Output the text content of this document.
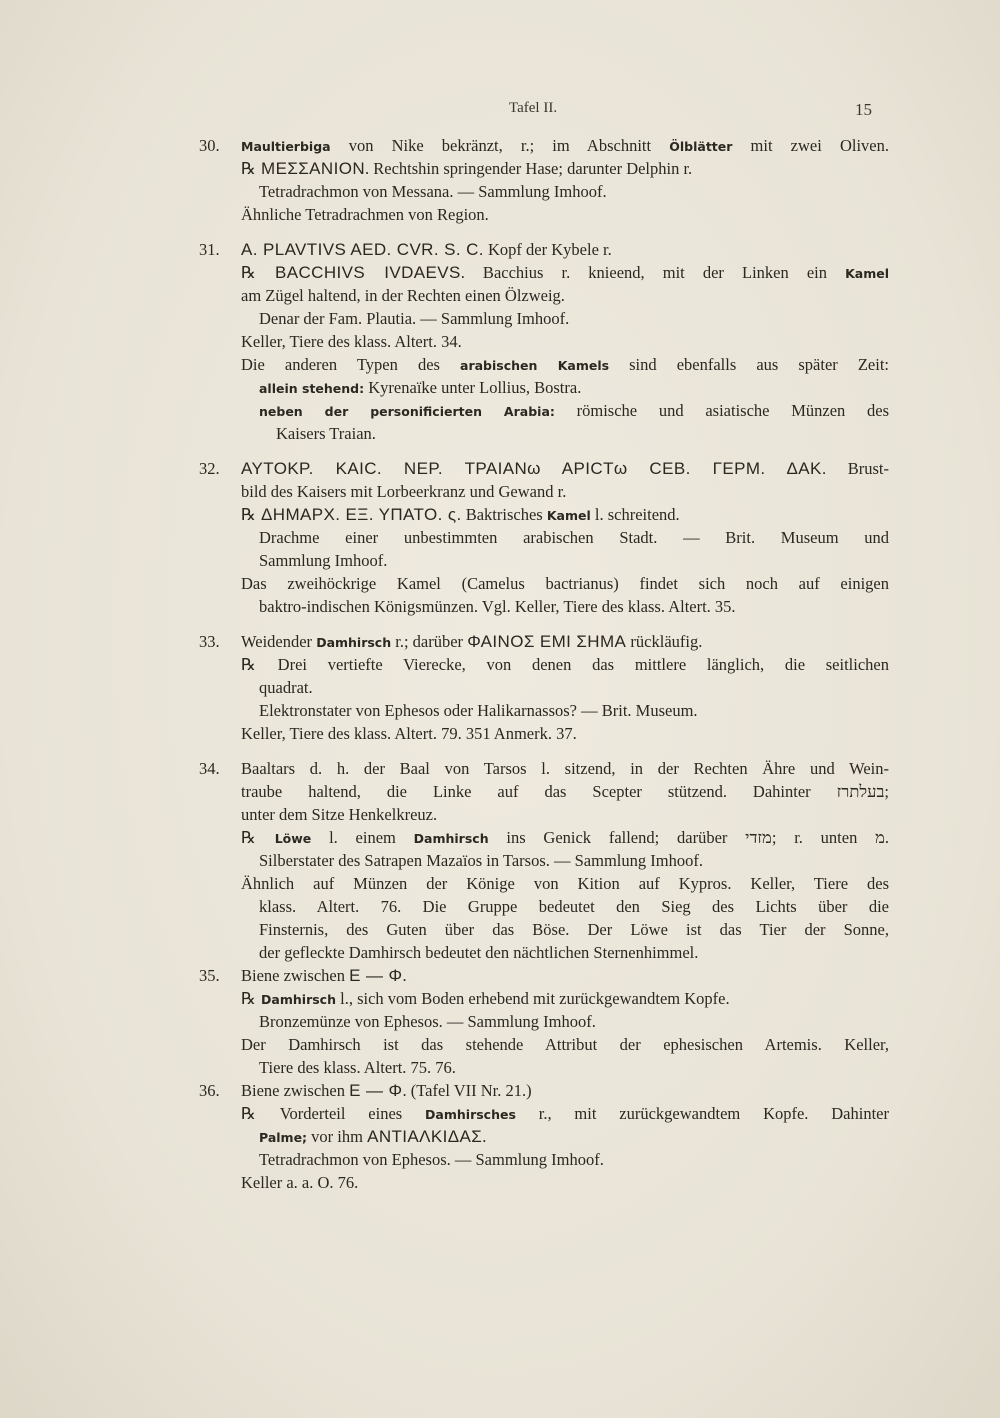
Tafel II.	15
30. Maultierbiga von Nike bekränzt, r.; im Abschnitt Ölblätter mit zwei Oliven.
℞ ΜΕΣΣΑΝΙΟΝ. Rechtshin springender Hase; darunter Delphin r.
Tetradrachmon von Messana. — Sammlung Imhoof.
Ähnliche Tetradrachmen von Region.
31. A. PLAVTIVS AED. CVR. S. C. Kopf der Kybele r.
℞ BACCHIVS IVDAEVS. Bacchius r. knieend, mit der Linken ein Kamel
am Zügel haltend, in der Rechten einen Ölzweig.
Denar der Fam. Plautia. — Sammlung Imhoof.
Keller, Tiere des klass. Altert. 34.
Die anderen Typen des arabischen Kamels sind ebenfalls aus später Zeit:
allein stehend: Kyrenaïke unter Lollius, Bostra.
neben der personificierten Arabia: römische und asiatische Münzen des
Kaisers Traian.
32. ΑΥΤΟΚΡ. ΚΑΙϹ. ΝΕΡ. ΤΡΑΙΑΝω ΑΡΙϹΤω ϹΕΒ. ΓΕΡΜ. ΔΑΚ. Brust-
bild des Kaisers mit Lorbeerkranz und Gewand r.
℞ ΔΗΜΑΡΧ. ΕΞ. ΥΠΑΤΟ. ς. Baktrisches Kamel l. schreitend.
Drachme einer unbestimmten arabischen Stadt. — Brit. Museum und
Sammlung Imhoof.
Das zweihöckrige Kamel (Camelus bactrianus) findet sich noch auf einigen
baktro-indischen Königsmünzen. Vgl. Keller, Tiere des klass. Altert. 35.
33. Weidender Damhirsch r.; darüber ΦΑΙΝΟΣ ΕΜΙ ΣΗΜΑ rückläufig.
℞ Drei vertiefte Vierecke, von denen das mittlere länglich, die seitlichen
quadrat.
Elektronstater von Ephesos oder Halikarnassos? — Brit. Museum.
Keller, Tiere des klass. Altert. 79. 351 Anmerk. 37.
34. Baaltars d. h. der Baal von Tarsos l. sitzend, in der Rechten Ähre und Wein-
traube haltend, die Linke auf das Scepter stützend. Dahinter בעלתרז;
unter dem Sitze Henkelkreuz.
℞ Löwe l. einem Damhirsch ins Genick fallend; darüber מזדי; r. unten מ.
Silberstater des Satrapen Mazaïos in Tarsos. — Sammlung Imhoof.
Ähnlich auf Münzen der Könige von Kition auf Kypros. Keller, Tiere des
klass. Altert. 76. Die Gruppe bedeutet den Sieg des Lichts über die
Finsternis, des Guten über das Böse. Der Löwe ist das Tier der Sonne,
der gefleckte Damhirsch bedeutet den nächtlichen Sternenhimmel.
35. Biene zwischen E — Φ.
℞ Damhirsch l., sich vom Boden erhebend mit zurückgewandtem Kopfe.
Bronzemünze von Ephesos. — Sammlung Imhoof.
Der Damhirsch ist das stehende Attribut der ephesischen Artemis. Keller,
Tiere des klass. Altert. 75. 76.
36. Biene zwischen E — Φ. (Tafel VII Nr. 21.)
℞ Vorderteil eines Damhirsches r., mit zurückgewandtem Kopfe. Dahinter
Palme; vor ihm ΑΝΤΙΑΛΚΙΔΑΣ.
Tetradrachmon von Ephesos. — Sammlung Imhoof.
Keller a. a. O. 76.
